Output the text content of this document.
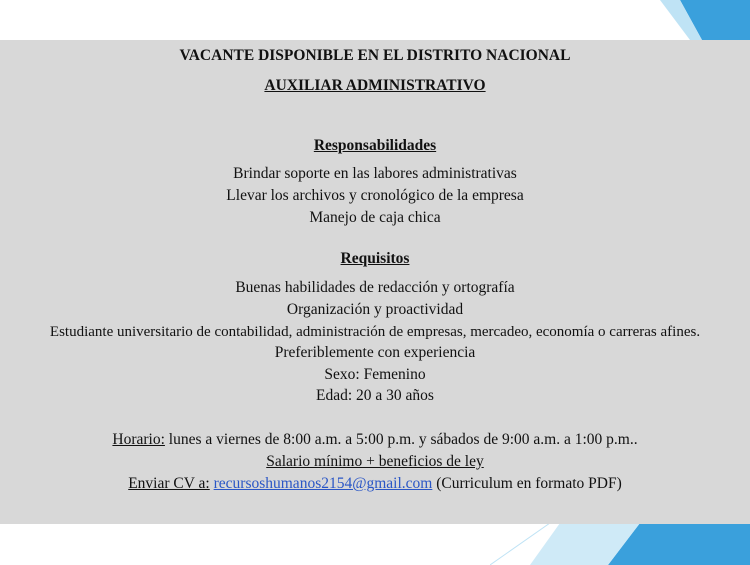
VACANTE DISPONIBLE EN EL DISTRITO NACIONAL
AUXILIAR ADMINISTRATIVO
Responsabilidades
Brindar soporte en las labores administrativas
Llevar los archivos y cronológico de la empresa
Manejo de caja chica
Requisitos
Buenas habilidades de redacción y ortografía
Organización y proactividad
Estudiante universitario de contabilidad, administración de empresas, mercadeo, economía o carreras afines.
Preferiblemente con experiencia
Sexo: Femenino
Edad: 20 a 30 años
Horario: lunes a viernes de 8:00 a.m. a 5:00 p.m. y sábados de 9:00 a.m. a 1:00 p.m..
Salario mínimo + beneficios de ley
Enviar CV a: recursoshumanos2154@gmail.com (Curriculum en formato PDF)
